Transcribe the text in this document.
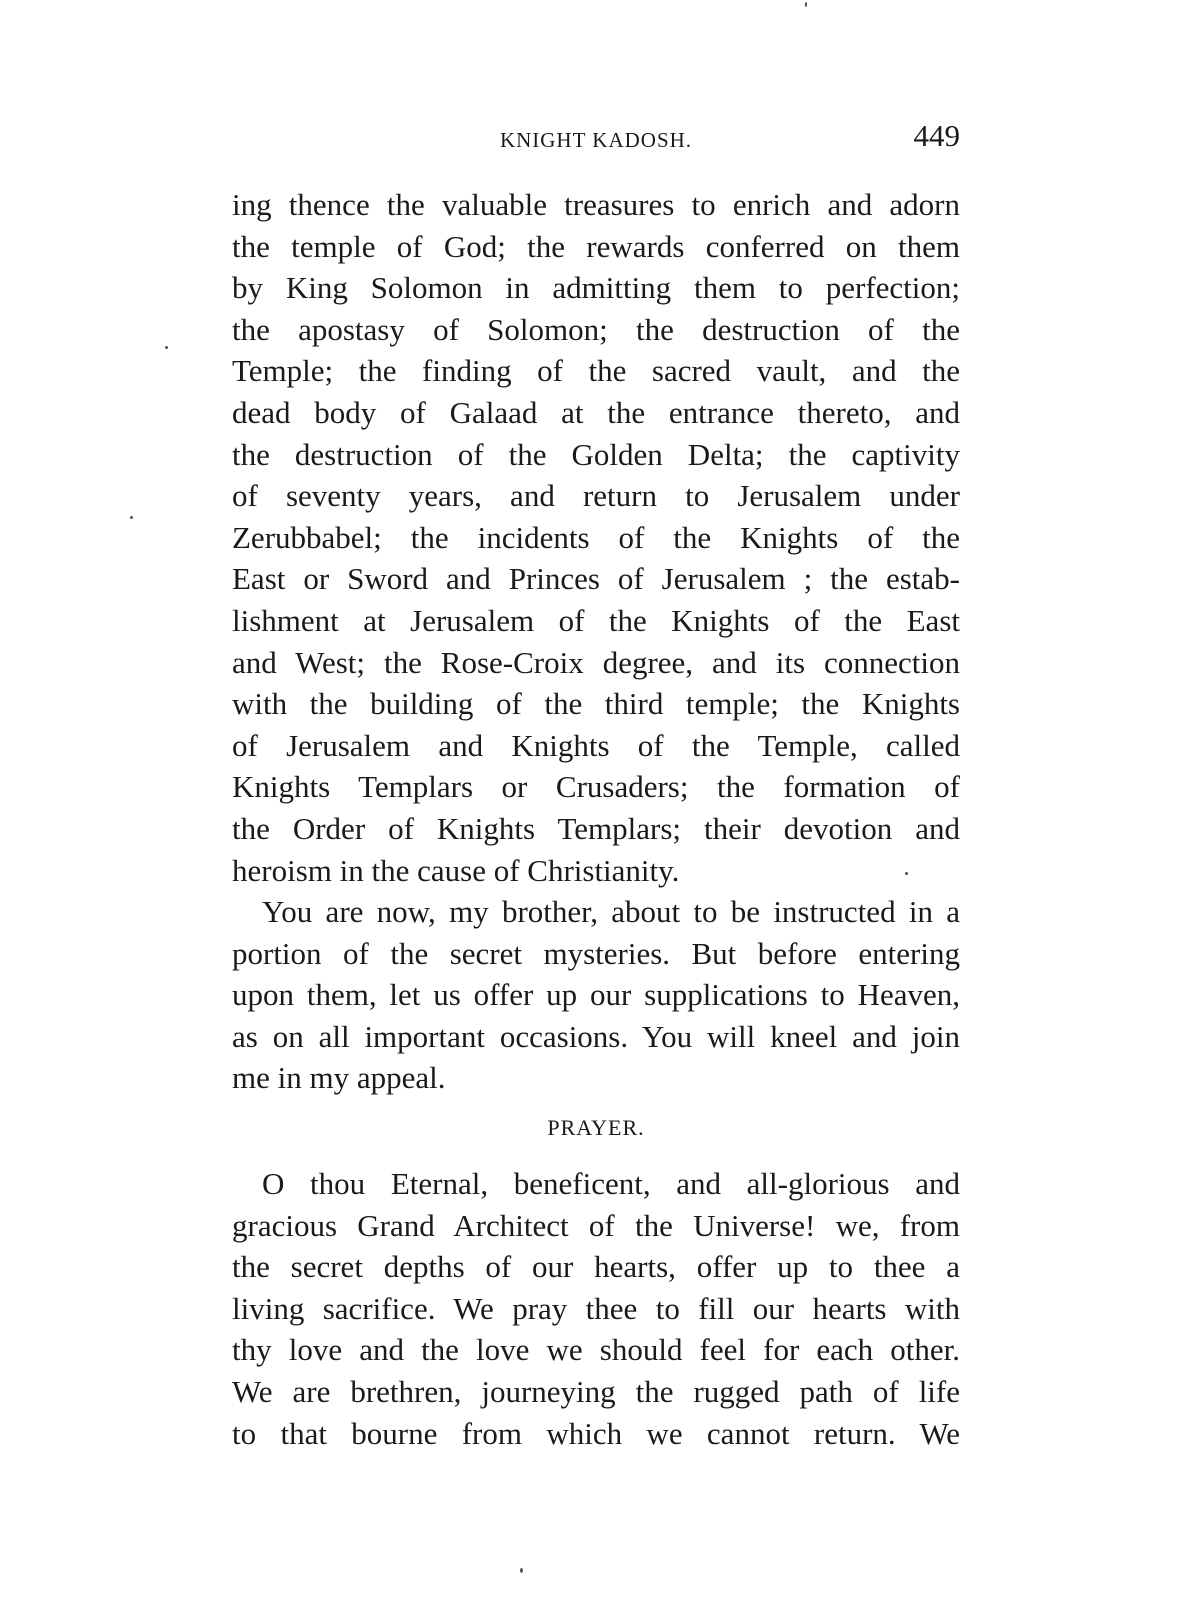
KNIGHT KADOSH.	449
ing thence the valuable treasures to enrich and adorn
the temple of God; the rewards conferred on them
by King Solomon in admitting them to perfection;
the apostasy of Solomon; the destruction of the
Temple; the finding of the sacred vault, and the
dead body of Galaad at the entrance thereto, and
the destruction of the Golden Delta; the captivity
of seventy years, and return to Jerusalem under
Zerubbabel; the incidents of the Knights of the
East or Sword and Princes of Jerusalem ; the estab-
lishment at Jerusalem of the Knights of the East
and West; the Rose-Croix degree, and its connection
with the building of the third temple; the Knights
of Jerusalem and Knights of the Temple, called
Knights Templars or Crusaders; the formation of
the Order of Knights Templars; their devotion and
heroism in the cause of Christianity.
You are now, my brother, about to be instructed in a
portion of the secret mysteries. But before entering
upon them, let us offer up our supplications to Heaven,
as on all important occasions. You will kneel and join
me in my appeal.
PRAYER.
O thou Eternal, beneficent, and all-glorious and
gracious Grand Architect of the Universe! we, from
the secret depths of our hearts, offer up to thee a
living sacrifice. We pray thee to fill our hearts with
thy love and the love we should feel for each other.
We are brethren, journeying the rugged path of life
to that bourne from which we cannot return. We
